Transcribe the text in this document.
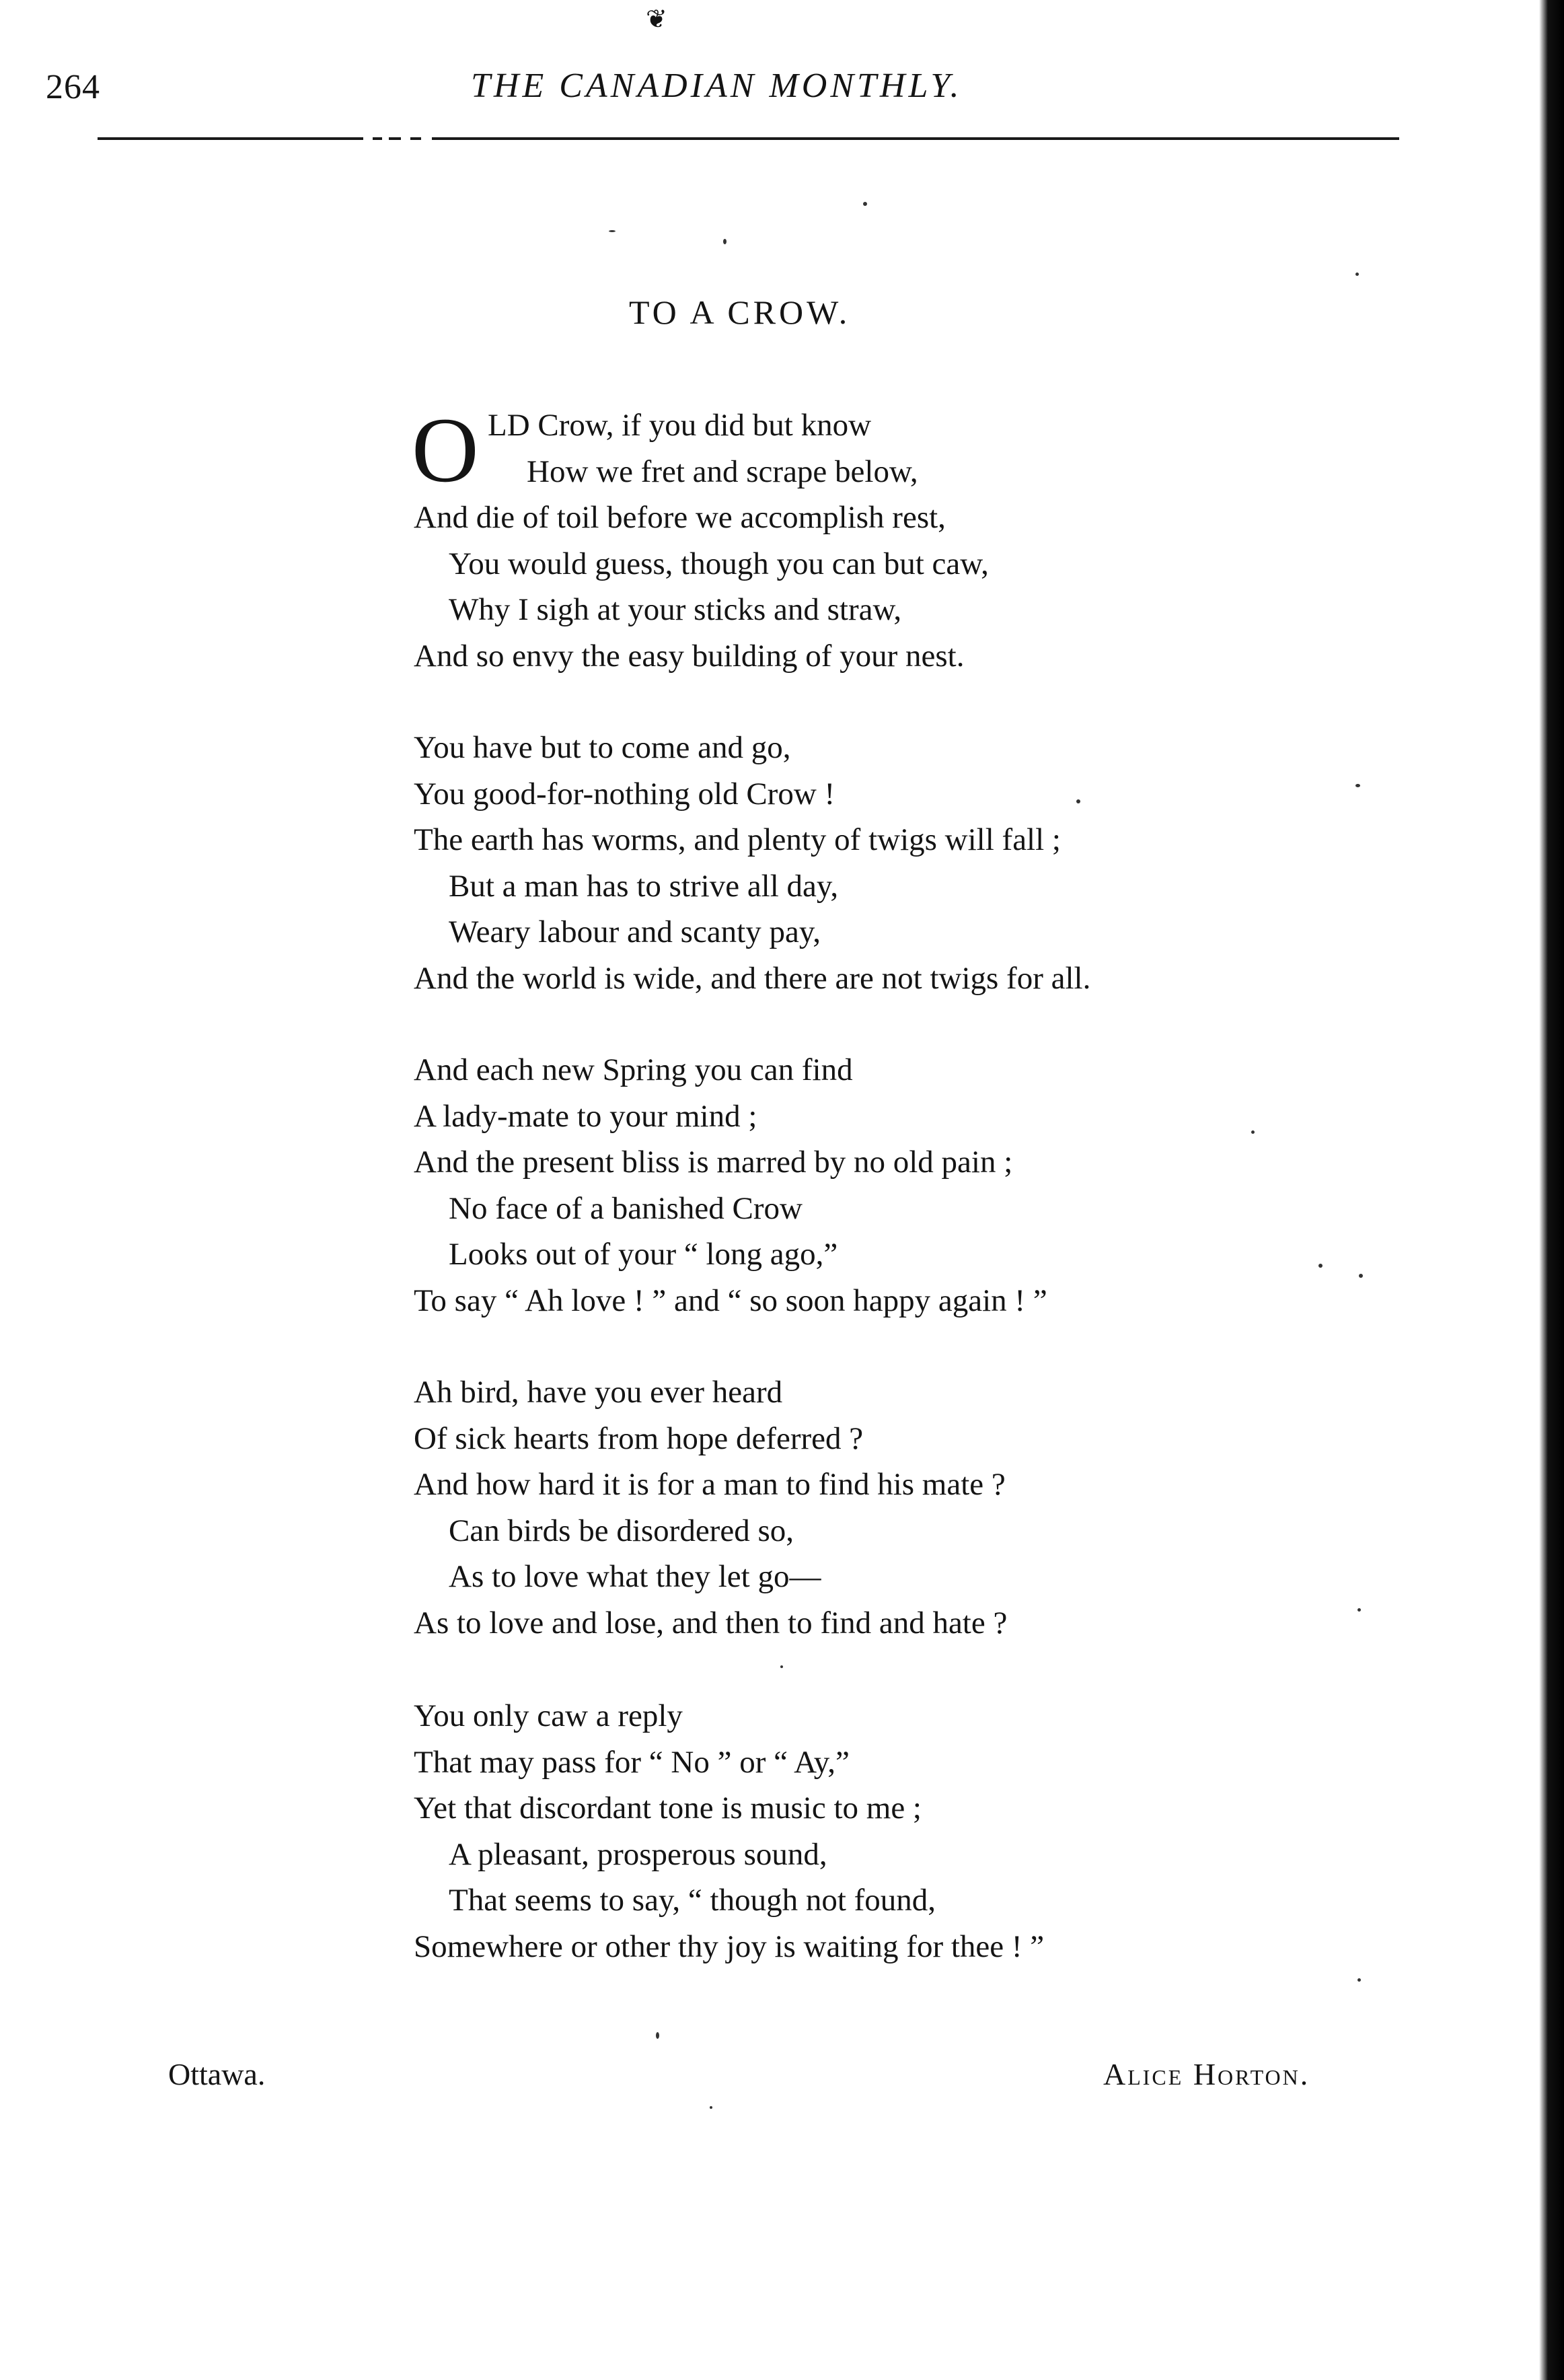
❦
264	THE CANADIAN MONTHLY.
TO A CROW.
O LD Crow, if you did but know
How we fret and scrape below,
And die of toil before we accomplish rest,
You would guess, though you can but caw,
Why I sigh at your sticks and straw,
And so envy the easy building of your nest.
You have but to come and go,
You good-for-nothing old Crow !
The earth has worms, and plenty of twigs will fall ;
But a man has to strive all day,
Weary labour and scanty pay,
And the world is wide, and there are not twigs for all.
And each new Spring you can find
A lady-mate to your mind ;
And the present bliss is marred by no old pain ;
No face of a banished Crow
Looks out of your “ long ago,”
To say “ Ah love ! ” and “ so soon happy again ! ”
Ah bird, have you ever heard
Of sick hearts from hope deferred ?
And how hard it is for a man to find his mate ?
Can birds be disordered so,
As to love what they let go—
As to love and lose, and then to find and hate ?
You only caw a reply
That may pass for “ No ” or “ Ay,”
Yet that discordant tone is music to me ;
A pleasant, prosperous sound,
That seems to say, “ though not found,
Somewhere or other thy joy is waiting for thee ! ”
Ottawa.	Alice Horton.
